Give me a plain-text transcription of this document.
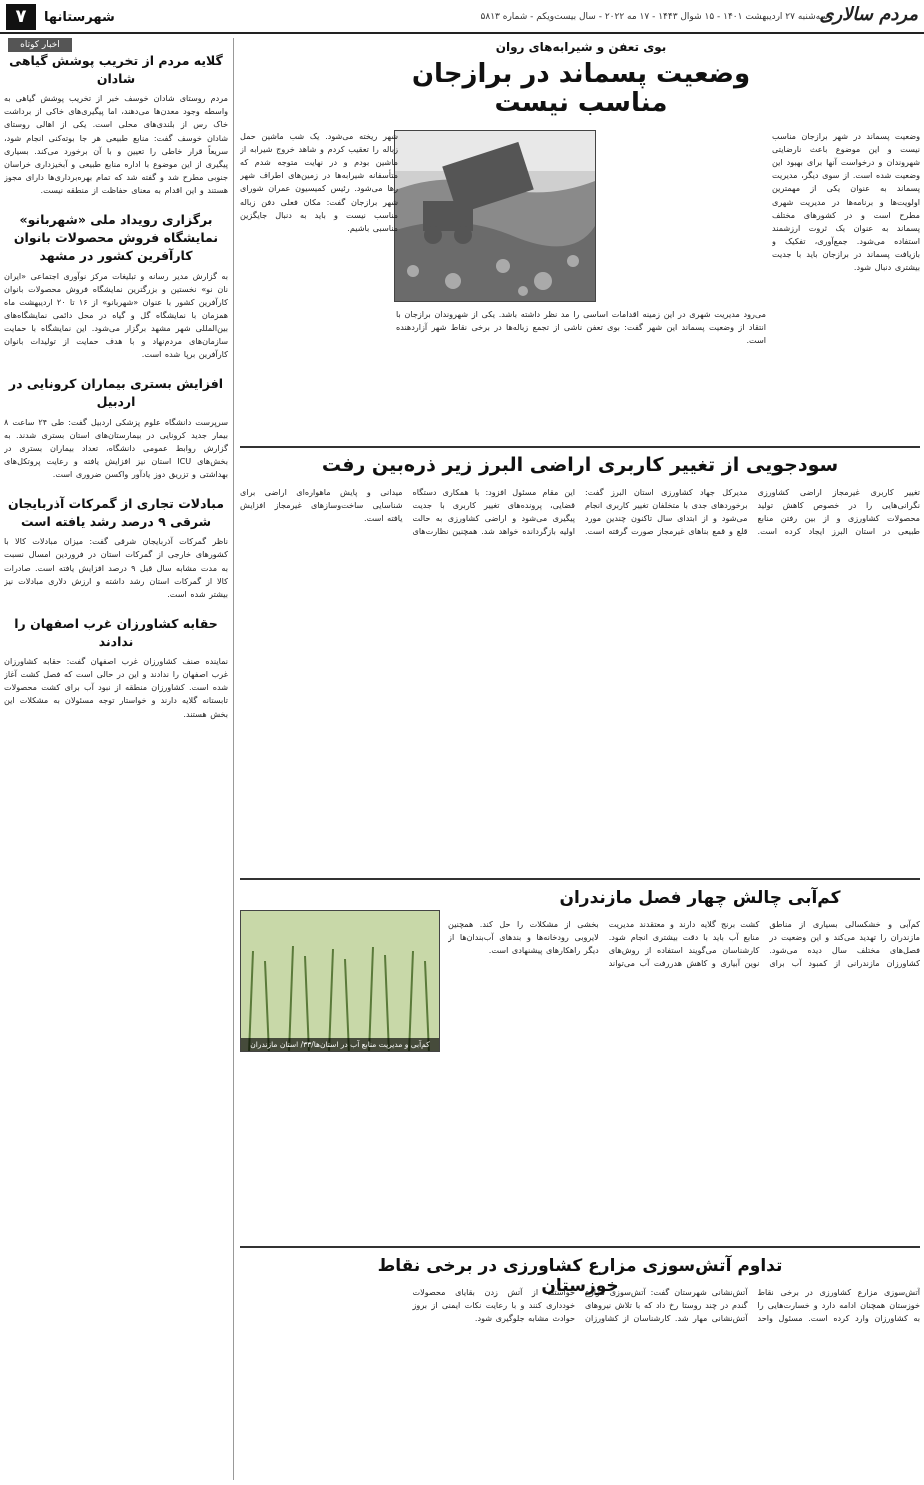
مردم سالاری
سه‌شنبه ۲۷ اردیبهشت ۱۴۰۱ - ۱۵ شوال ۱۴۴۳ - ۱۷ مه ۲۰۲۲ - سال بیست‌ویکم - شماره ۵۸۱۳
شهرستانها
۷
اخبار کوتاه
گلایه مردم از تخریب پوشش گیاهی شادان

مردم روستای شادان خوسف خبر از تخریب پوشش گیاهی به واسطه وجود معدن‌ها می‌دهند، اما پیگیری‌های خاکی از برداشت خاک رس از بلندی‌های محلی است. یکی از اهالی روستای شادان خوسف گفت: منابع طبیعی هر جا بوته‌کنی انجام شود، سریعاً قرار خاطی را تعیین و با آن برخورد می‌کند. بسیاری پیگیری از این موضوع با اداره منابع طبیعی و آبخیزداری خراسان جنوبی مطرح شد و گفته شد که تمام بهره‌برداری‌ها دارای مجوز هستند و این اقدام به معنای حفاظت از منطقه نیست.

برگزاری رویداد ملی «شهربانو» نمایشگاه فروش محصولات بانوان کارآفرین کشور در مشهد

به گزارش مدیر رسانه و تبلیغات مرکز نوآوری اجتماعی «ایران نان نو» نخستین و بزرگترین نمایشگاه فروش محصولات بانوان کارآفرین کشور با عنوان «شهربانو» از ۱۶ تا ۲۰ اردیبهشت ماه همزمان با نمایشگاه گل و گیاه در محل دائمی نمایشگاه‌های بین‌المللی شهر مشهد برگزار می‌شود. این نمایشگاه با حمایت سازمان‌های مردم‌نهاد و با هدف حمایت از تولیدات بانوان کارآفرین برپا شده است.

افزایش بستری بیماران کرونایی در اردبیل

سرپرست دانشگاه علوم پزشکی اردبیل گفت: طی ۲۴ ساعت ۸ بیمار جدید کرونایی در بیمارستان‌های استان بستری شدند. به گزارش روابط عمومی دانشگاه، تعداد بیماران بستری در بخش‌های ICU استان نیز افزایش یافته و رعایت پروتکل‌های بهداشتی و تزریق دوز یادآور واکسن ضروری است.

مبادلات تجاری از گمرکات آذربایجان شرقی ۹ درصد رشد یافته است

ناظر گمرکات آذربایجان شرقی گفت: میزان مبادلات کالا با کشورهای خارجی از گمرکات استان در فروردین امسال نسبت به مدت مشابه سال قبل ۹ درصد افزایش یافته است. صادرات کالا از گمرکات استان رشد داشته و ارزش دلاری مبادلات نیز بیشتر شده است.

حقابه کشاورزان غرب اصفهان را ندادند

نماینده صنف کشاورزان غرب اصفهان گفت: حقابه کشاورزان غرب اصفهان را ندادند و این در حالی است که فصل کشت آغاز شده است. کشاورزان منطقه از نبود آب برای کشت محصولات تابستانه گلایه دارند و خواستار توجه مسئولان به مشکلات این بخش هستند.

بوی تعفن و شیرابه‌های روان
وضعیت پسماند در برازجان مناسب نیست

وضعیت پسماند در شهر برازجان مناسب نیست و این موضوع باعث نارضایتی شهروندان و درخواست آنها برای بهبود این وضعیت شده است. از سوی دیگر، مدیریت پسماند به عنوان یکی از مهمترین اولویت‌ها و برنامه‌ها در مدیریت شهری مطرح است و در کشورهای مختلف پسماند به عنوان یک ثروت ارزشمند استفاده می‌شود. جمع‌آوری، تفکیک و بازیافت پسماند در برازجان باید با جدیت بیشتری دنبال شود.

شهر ریخته می‌شود. یک شب ماشین حمل زباله را تعقیب کردم و شاهد خروج شیرابه از ماشین بودم و در نهایت متوجه شدم که متأسفانه شیرابه‌ها در زمین‌های اطراف شهر رها می‌شود. رئیس کمیسیون عمران شورای شهر برازجان گفت: مکان فعلی دفن زباله مناسب نیست و باید به دنبال جایگزین مناسبی باشیم.

می‌رود مدیریت شهری در این زمینه اقدامات اساسی را مد نظر داشته باشد. یکی از شهروندان برازجان با انتقاد از وضعیت پسماند این شهر گفت: بوی تعفن ناشی از تجمع زباله‌ها در برخی نقاط شهر آزاردهنده است.

سودجویی از تغییر کاربری اراضی البرز زیر ذره‌بین رفت

تغییر کاربری غیرمجاز اراضی کشاورزی نگرانی‌هایی را در خصوص کاهش تولید محصولات کشاورزی و از بین رفتن منابع طبیعی در استان البرز ایجاد کرده است. مدیرکل جهاد کشاورزی استان البرز گفت: برخوردهای جدی با متخلفان تغییر کاربری انجام می‌شود و از ابتدای سال تاکنون چندین مورد قلع و قمع بناهای غیرمجاز صورت گرفته است. این مقام مسئول افزود: با همکاری دستگاه قضایی، پرونده‌های تغییر کاربری با جدیت پیگیری می‌شود و اراضی کشاورزی به حالت اولیه بازگردانده خواهد شد. همچنین نظارت‌های میدانی و پایش ماهواره‌ای اراضی برای شناسایی ساخت‌وسازهای غیرمجاز افزایش یافته است.

کم‌آبی چالش چهار فصل مازندران

کم‌آبی و خشکسالی بسیاری از مناطق مازندران را تهدید می‌کند و این وضعیت در فصل‌های مختلف سال دیده می‌شود. کشاورزان مازندرانی از کمبود آب برای کشت برنج گلایه دارند و معتقدند مدیریت منابع آب باید با دقت بیشتری انجام شود. کارشناسان می‌گویند استفاده از روش‌های نوین آبیاری و کاهش هدررفت آب می‌تواند بخشی از مشکلات را حل کند. همچنین لایروبی رودخانه‌ها و بندهای آب‌بندان‌ها از دیگر راهکارهای پیشنهادی است.

کم‌آبی و مدیریت منابع آب در استان‌ها/۳۳/ استان مازندران
تداوم آتش‌سوزی مزارع کشاورزی در برخی نقاط خوزستان	آتش‌سوزی مزارع کشاورزی در برخی نقاط خوزستان همچنان ادامه دارد و خسارت‌هایی را به کشاورزان وارد کرده است. مسئول واحد آتش‌نشانی شهرستان گفت: آتش‌سوزی مزارع گندم در چند روستا رخ داد که با تلاش نیروهای آتش‌نشانی مهار شد. کارشناسان از کشاورزان خواستند از آتش زدن بقایای محصولات خودداری کنند و با رعایت نکات ایمنی از بروز حوادث مشابه جلوگیری شود.
